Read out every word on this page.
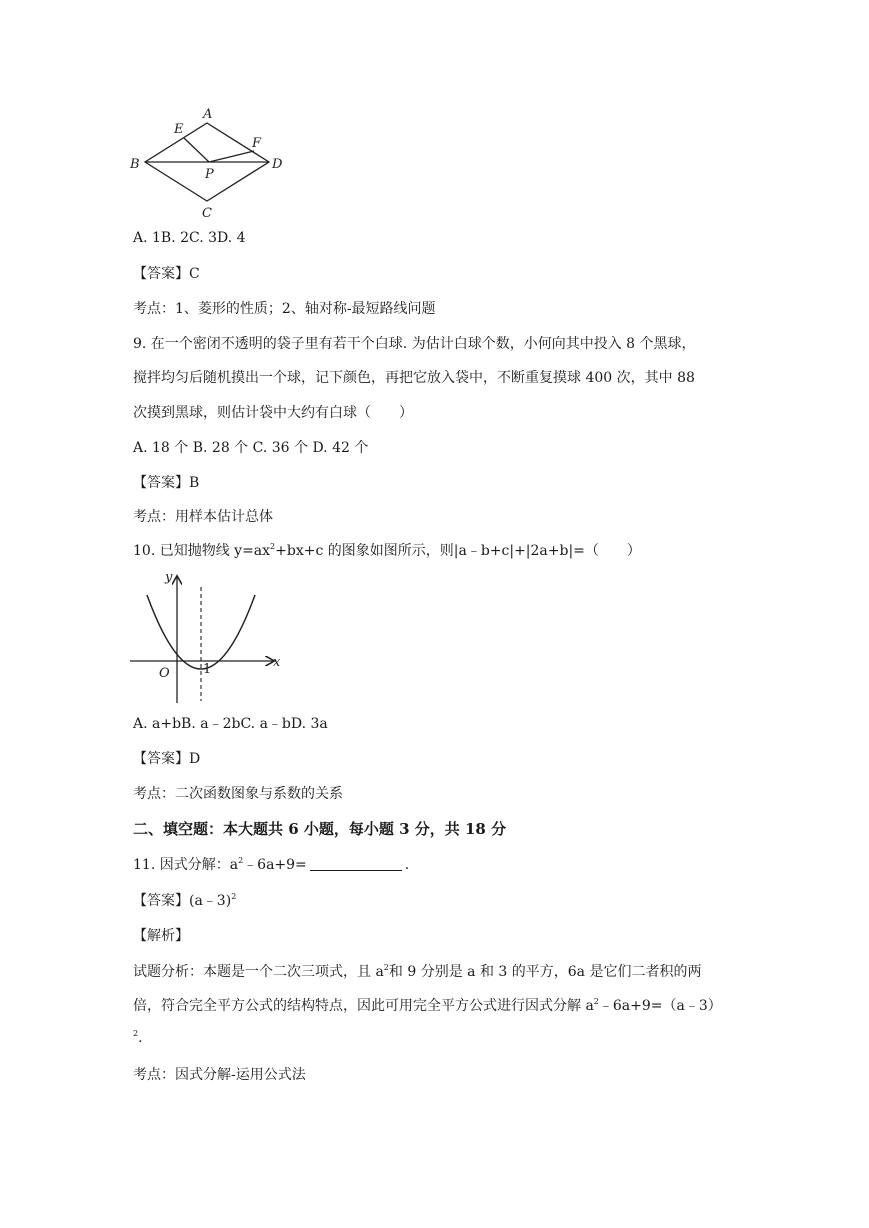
A
E
F
B	D
P
C
A. 1B. 2C. 3D. 4
【答案】C
考点：1、菱形的性质；2、轴对称-最短路线问题
9. 在一个密闭不透明的袋子里有若干个白球. 为估计白球个数，小何向其中投入 8 个黑球，
搅拌均匀后随机摸出一个球，记下颜色，再把它放入袋中，不断重复摸球 400 次，其中 88
次摸到黑球，则估计袋中大约有白球（　　）
A. 18 个 B. 28 个 C. 36 个 D. 42 个
【答案】B
考点：用样本估计总体
10. 已知抛物线 $y=ax^2+bx+c$ 的图象如图所示，则|a﹣b+c|+|2a+b|=（　　）
y
x
O	1
A. a+bB. a﹣2bC. a﹣bD. 3a
【答案】D
考点：二次函数图象与系数的关系
二、填空题：本大题共 6 小题，每小题 3 分，共 18 分
11. 因式分解：$a^2﹣6a+9=$	.
【答案】(a﹣3)$^2$
【解析】
试题分析：本题是一个二次三项式，且 $a^2$和 9 分别是 a 和 3 的平方，6a 是它们二者积的两
倍，符合完全平方公式的结构特点，因此可用完全平方公式进行因式分解 $a^2﹣6a+9=(a﹣3)$
$^2$.
考点：因式分解-运用公式法
